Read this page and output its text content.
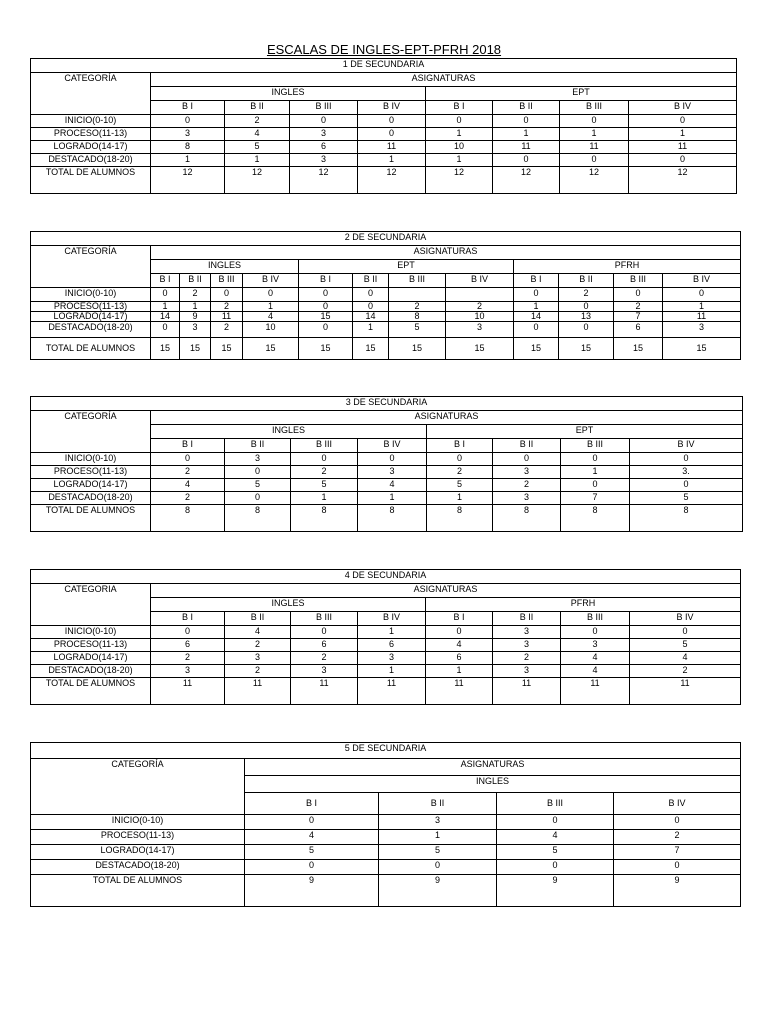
ESCALAS DE INGLES-EPT-PFRH 2018
1 DE SECUNDARIA								
CATEGORÍA	ASIGNATURAS							
	INGLES				EPT			
	B I	B II	B III	B IV	B I	B II	B III	B IV
INICIO(0-10)	0	2	0	0	0	0	0	0
PROCESO(11-13)	3	4	3	0	1	1	1	1
LOGRADO(14-17)	8	5	6	11	10	11	11	11
DESTACADO(18-20)	1	1	3	1	1	0	0	0
TOTAL DE ALUMNOS	12	12	12	12	12	12	12	12
2 DE SECUNDARIA												
CATEGORÍA	ASIGNATURAS											
	INGLES				EPT				PFRH			
	B I	B II	B III	B IV	B I	B II	B III	B IV	B I	B II	B III	B IV
INICIO(0-10)	0	2	0	0	0	0			0	2	0	0
PROCESO(11-13)	1	1	2	1	0	0	2	2	1	0	2	1
LOGRADO(14-17)	14	9	11	4	15	14	8	10	14	13	7	11
DESTACADO(18-20)	0	3	2	10	0	1	5	3	0	0	6	3
TOTAL DE ALUMNOS	15	15	15	15	15	15	15	15	15	15	15	15
3 DE SECUNDARIA								
CATEGORÍA	ASIGNATURAS							
	INGLES				EPT			
	B I	B II	B III	B IV	B I	B II	B III	B IV
INICIO(0-10)	0	3	0	0	0	0	0	0
PROCESO(11-13)	2	0	2	3	2	3	1	3.
LOGRADO(14-17)	4	5	5	4	5	2	0	0
DESTACADO(18-20)	2	0	1	1	1	3	7	5
TOTAL DE ALUMNOS	8	8	8	8	8	8	8	8
4 DE SECUNDARIA								
CATEGORIA	ASIGNATURAS							
	INGLES				PFRH			
	B I	B II	B III	B IV	B I	B II	B III	B IV
INICIO(0-10)	0	4	0	1	0	3	0	0
PROCESO(11-13)	6	2	6	6	4	3	3	5
LOGRADO(14-17)	2	3	2	3	6	2	4	4
DESTACADO(18-20)	3	2	3	1	1	3	4	2
TOTAL DE ALUMNOS	11	11	11	11	11	11	11	11
5 DE SECUNDARIA				
CATEGORÍA	ASIGNATURAS			
	INGLES			
	B I	B II	B III	B IV
INICIO(0-10)	0	3	0	0
PROCESO(11-13)	4	1	4	2
LOGRADO(14-17)	5	5	5	7
DESTACADO(18-20)	0	0	0	0
TOTAL DE ALUMNOS	9	9	9	9
